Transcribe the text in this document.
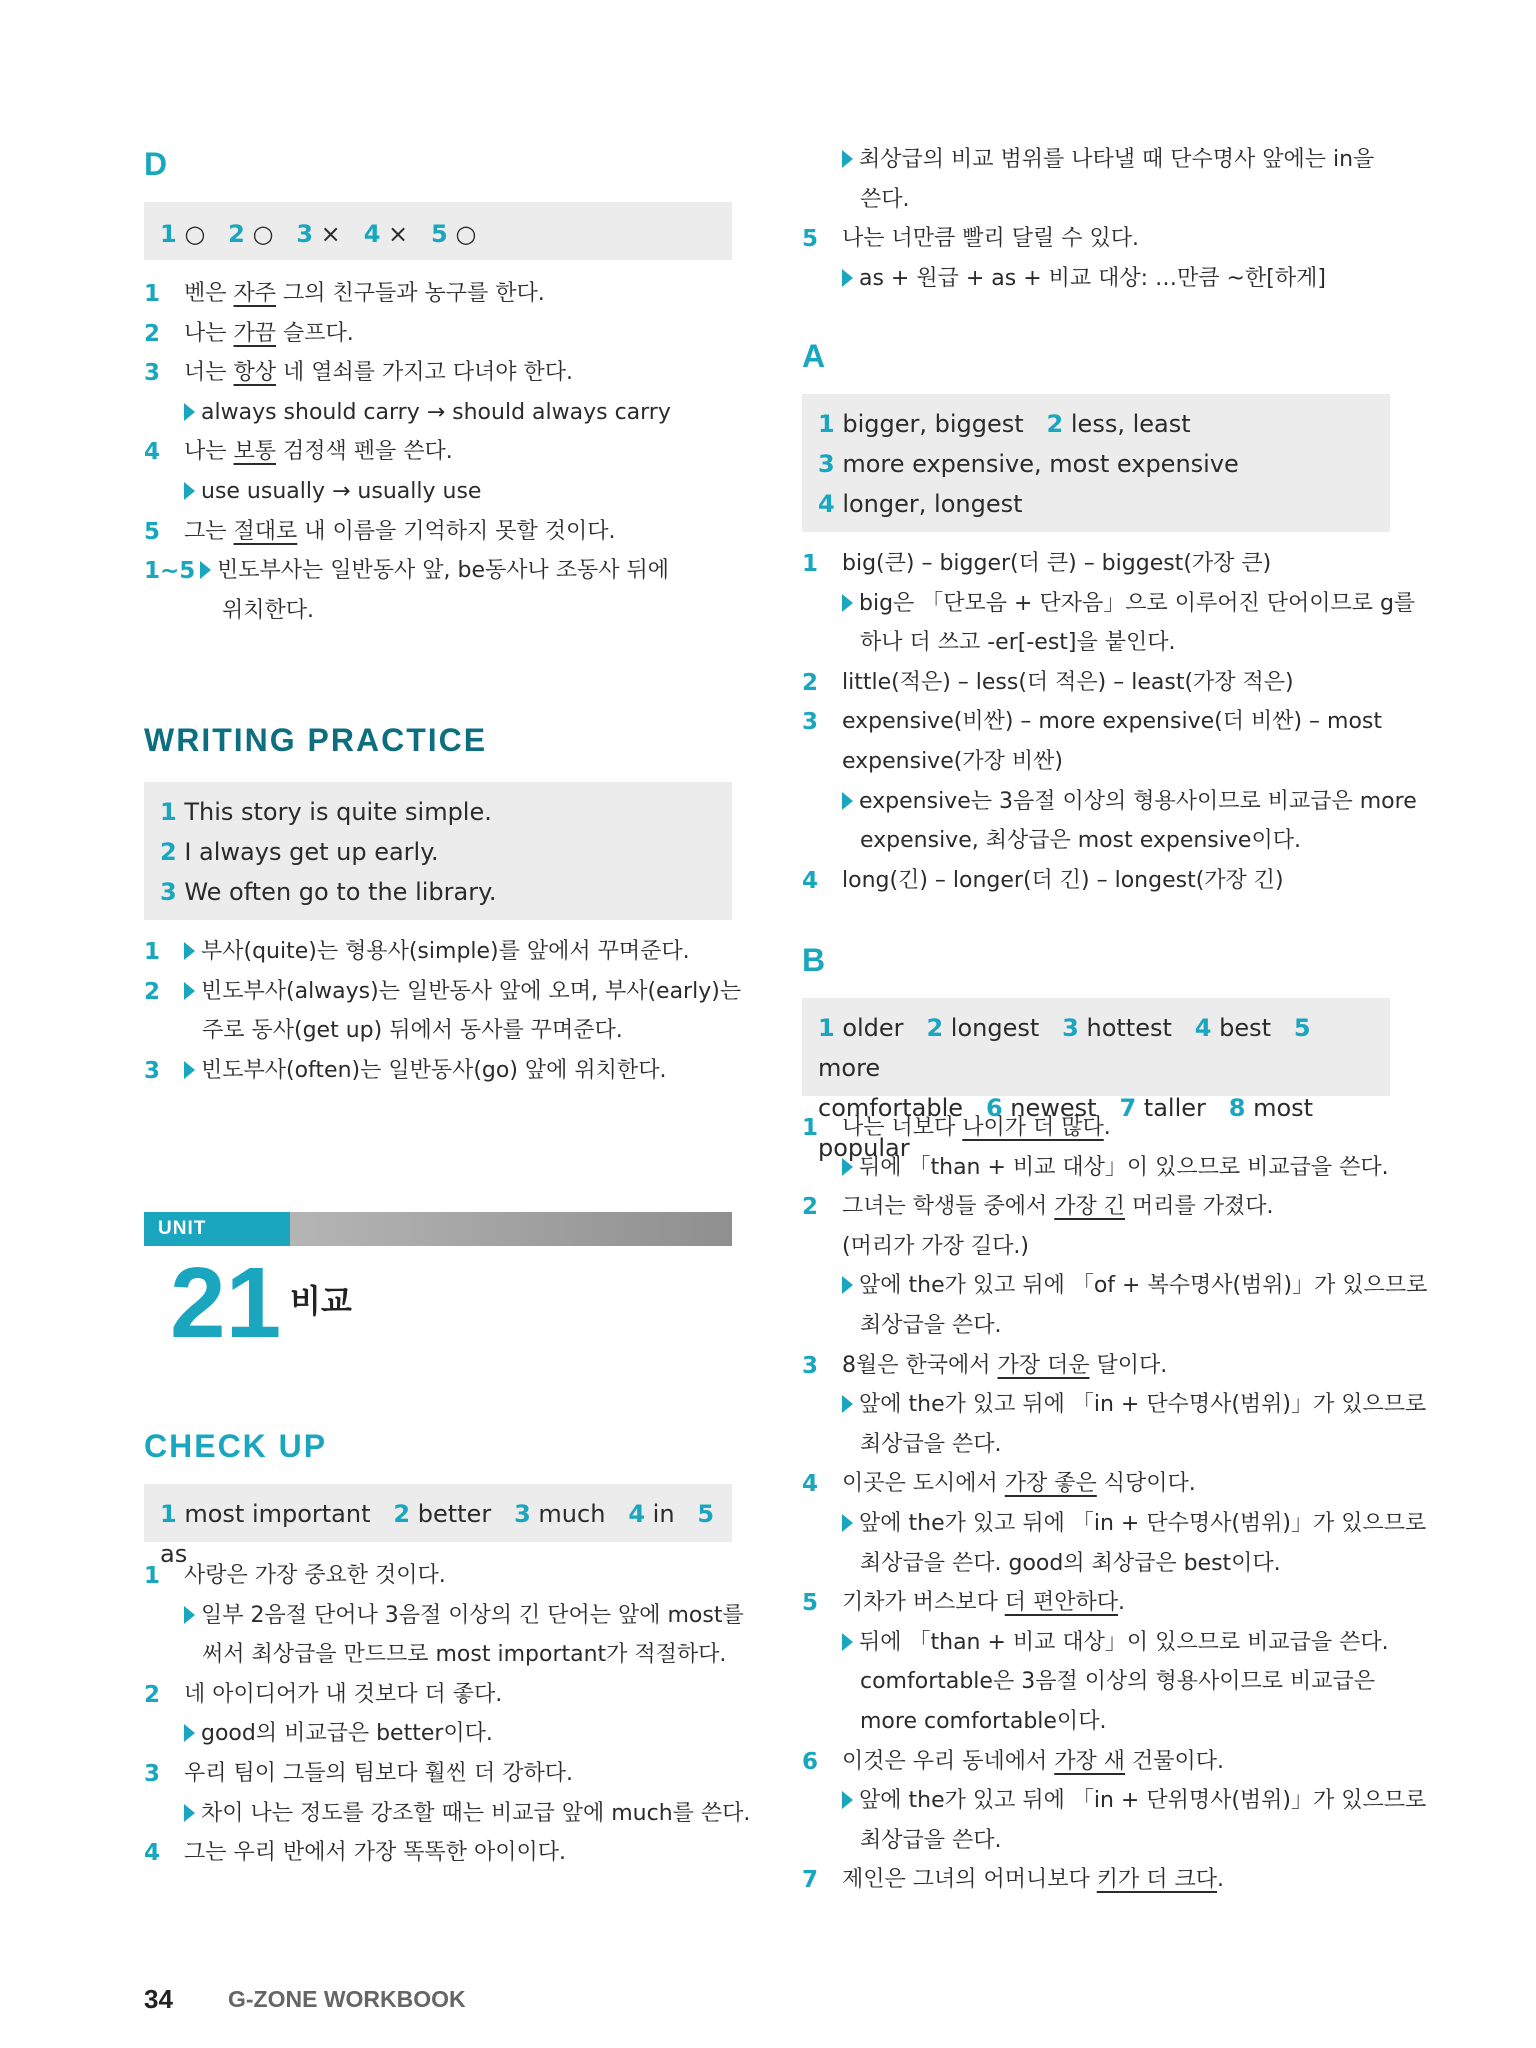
D
1 ○ 2 ○ 3 × 4 × 5 ○
1 벤은 자주 그의 친구들과 농구를 한다.
2 나는 가끔 슬프다.
3 너는 항상 네 열쇠를 가지고 다녀야 한다.
always should carry → should always carry
4 나는 보통 검정색 펜을 쓴다.
use usually → usually use
5 그는 절대로 내 이름을 기억하지 못할 것이다.
1~5 빈도부사는 일반동사 앞, be동사나 조동사 뒤에
위치한다.
WRITING PRACTICE
1 This story is quite simple.
2 I always get up early.
3 We often go to the library.
1	부사(quite)는 형용사(simple)를 앞에서 꾸며준다.
2	빈도부사(always)는 일반동사 앞에 오며, 부사(early)는
주로 동사(get up) 뒤에서 동사를 꾸며준다.
3	빈도부사(often)는 일반동사(go) 앞에 위치한다.
UNIT
21 비교
CHECK UP
1 most important 2 better 3 much 4 in 5 as
1 사랑은 가장 중요한 것이다.
일부 2음절 단어나 3음절 이상의 긴 단어는 앞에 most를
써서 최상급을 만드므로 most important가 적절하다.
2 네 아이디어가 내 것보다 더 좋다.
good의 비교급은 better이다.
3 우리 팀이 그들의 팀보다 훨씬 더 강하다.
차이 나는 정도를 강조할 때는 비교급 앞에 much를 쓴다.
4 그는 우리 반에서 가장 똑똑한 아이이다.
최상급의 비교 범위를 나타낼 때 단수명사 앞에는 in을
쓴다.
5 나는 너만큼 빨리 달릴 수 있다.
as + 원급 + as + 비교 대상: …만큼 ~한[하게]
A
1 bigger, biggest 2 less, least
3 more expensive, most expensive
4 longer, longest
1 big(큰) – bigger(더 큰) – biggest(가장 큰)
big은 「단모음 + 단자음」으로 이루어진 단어이므로 g를
하나 더 쓰고 -er[-est]을 붙인다.
2 little(적은) – less(더 적은) – least(가장 적은)
3 expensive(비싼) – more expensive(더 비싼) – most
expensive(가장 비싼)
expensive는 3음절 이상의 형용사이므로 비교급은 more
expensive, 최상급은 most expensive이다.
4 long(긴) – longer(더 긴) – longest(가장 긴)
B
1 older 2 longest 3 hottest 4 best 5 more
comfortable 6 newest 7 taller 8 most popular
1 나는 너보다 나이가 더 많다.
뒤에 「than + 비교 대상」이 있으므로 비교급을 쓴다.
2 그녀는 학생들 중에서 가장 긴 머리를 가졌다.
(머리가 가장 길다.)
앞에 the가 있고 뒤에 「of + 복수명사(범위)」가 있으므로
최상급을 쓴다.
3 8월은 한국에서 가장 더운 달이다.
앞에 the가 있고 뒤에 「in + 단수명사(범위)」가 있으므로
최상급을 쓴다.
4 이곳은 도시에서 가장 좋은 식당이다.
앞에 the가 있고 뒤에 「in + 단수명사(범위)」가 있으므로
최상급을 쓴다. good의 최상급은 best이다.
5 기차가 버스보다 더 편안하다.
뒤에 「than + 비교 대상」이 있으므로 비교급을 쓴다.
comfortable은 3음절 이상의 형용사이므로 비교급은
more comfortable이다.
6 이것은 우리 동네에서 가장 새 건물이다.
앞에 the가 있고 뒤에 「in + 단위명사(범위)」가 있으므로
최상급을 쓴다.
7 제인은 그녀의 어머니보다 키가 더 크다.
34 G-ZONE WORKBOOK
